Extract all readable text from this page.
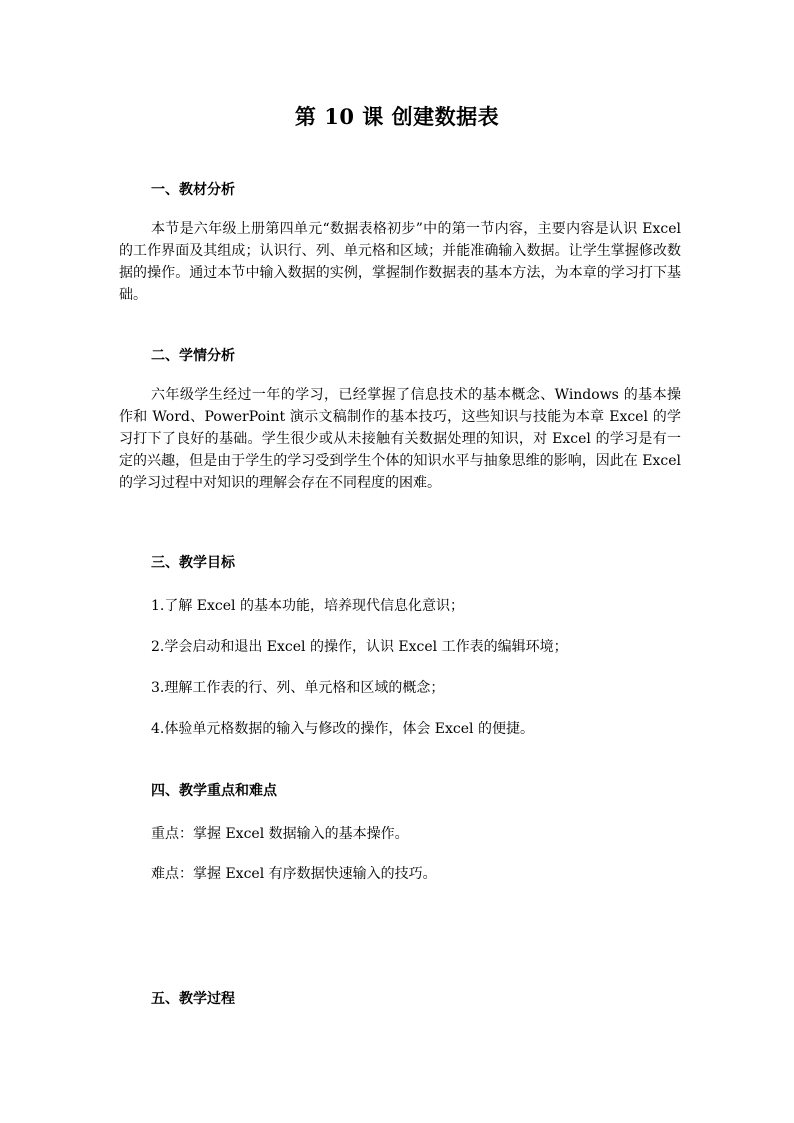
第 10 课 创建数据表
一、教材分析

本节是六年级上册第四单元“数据表格初步”中的第一节内容，主要内容是认识 Excel 的工作界面及其组成；认识行、列、单元格和区域；并能准确输入数据。让学生掌握修改数据的操作。通过本节中输入数据的实例，掌握制作数据表的基本方法，为本章的学习打下基础。

二、学情分析

六年级学生经过一年的学习，已经掌握了信息技术的基本概念、Windows 的基本操作和 Word、PowerPoint 演示文稿制作的基本技巧，这些知识与技能为本章 Excel 的学习打下了良好的基础。学生很少或从未接触有关数据处理的知识，对 Excel 的学习是有一定的兴趣，但是由于学生的学习受到学生个体的知识水平与抽象思维的影响，因此在 Excel 的学习过程中对知识的理解会存在不同程度的困难。

三、教学目标
1.了解 Excel 的基本功能，培养现代信息化意识；
2.学会启动和退出 Excel 的操作，认识 Excel 工作表的编辑环境；
3.理解工作表的行、列、单元格和区域的概念；
4.体验单元格数据的输入与修改的操作，体会 Excel 的便捷。
四、教学重点和难点
重点：掌握 Excel 数据输入的基本操作。
难点：掌握 Excel 有序数据快速输入的技巧。
五、教学过程
